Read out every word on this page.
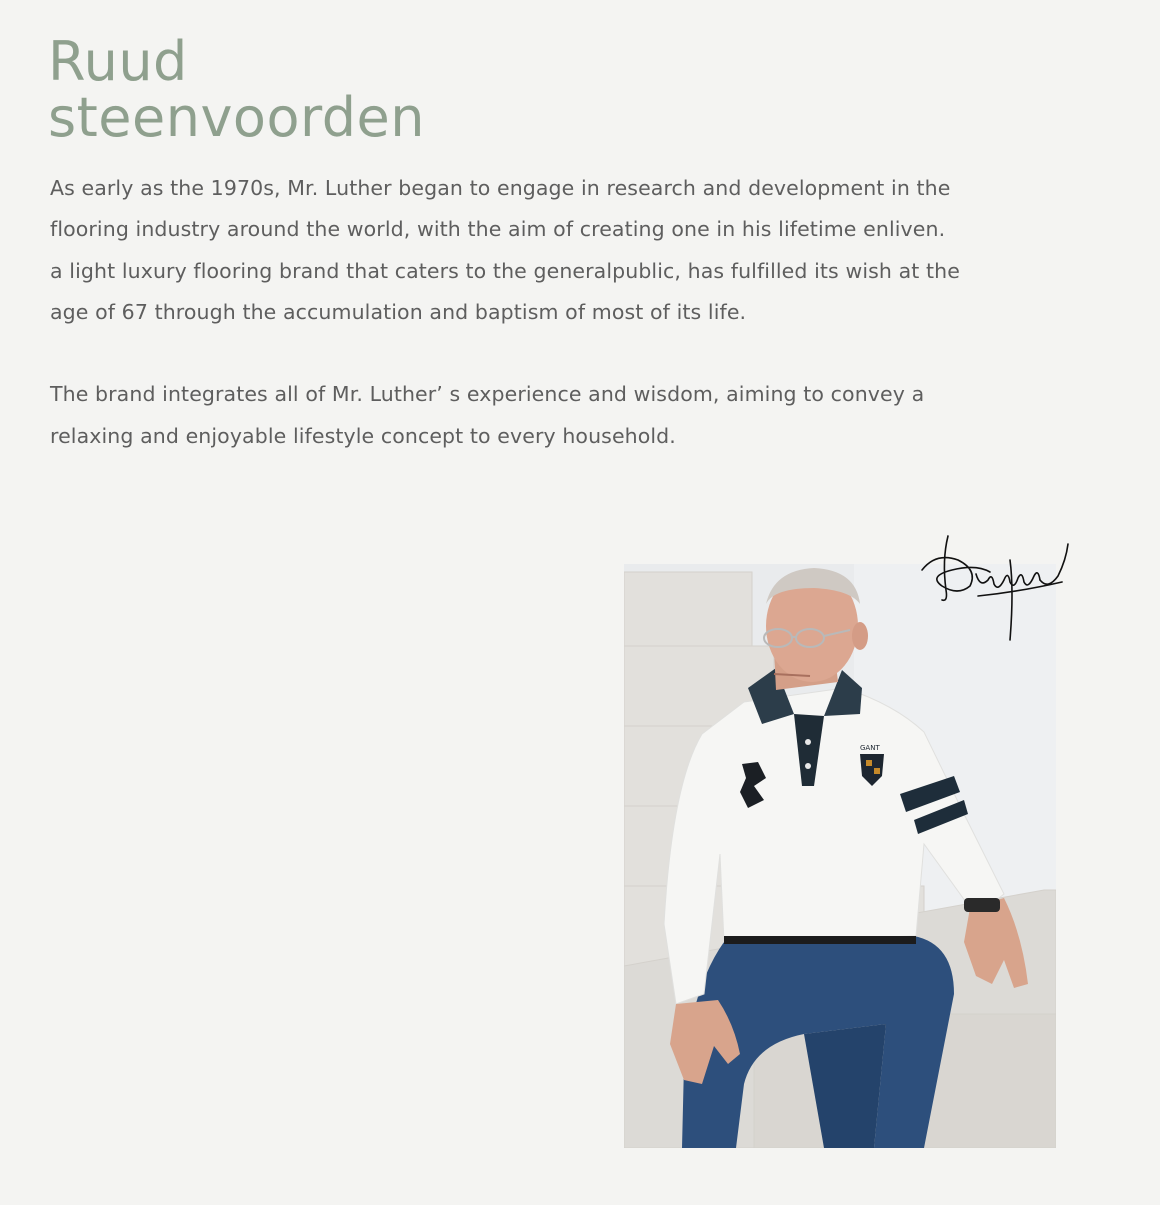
Ruud
steenvoorden

As early as the 1970s, Mr. Luther began to engage in research and development in the
flooring industry around the world, with the aim of creating one in his lifetime enliven.
a light luxury flooring brand that caters to the generalpublic, has fulfilled its wish at the
age of 67 through the accumulation and baptism of most of its life.

The brand integrates all of Mr. Luther’ s experience and wisdom, aiming to convey a
relaxing and enjoyable lifestyle concept to every household.

GANT
